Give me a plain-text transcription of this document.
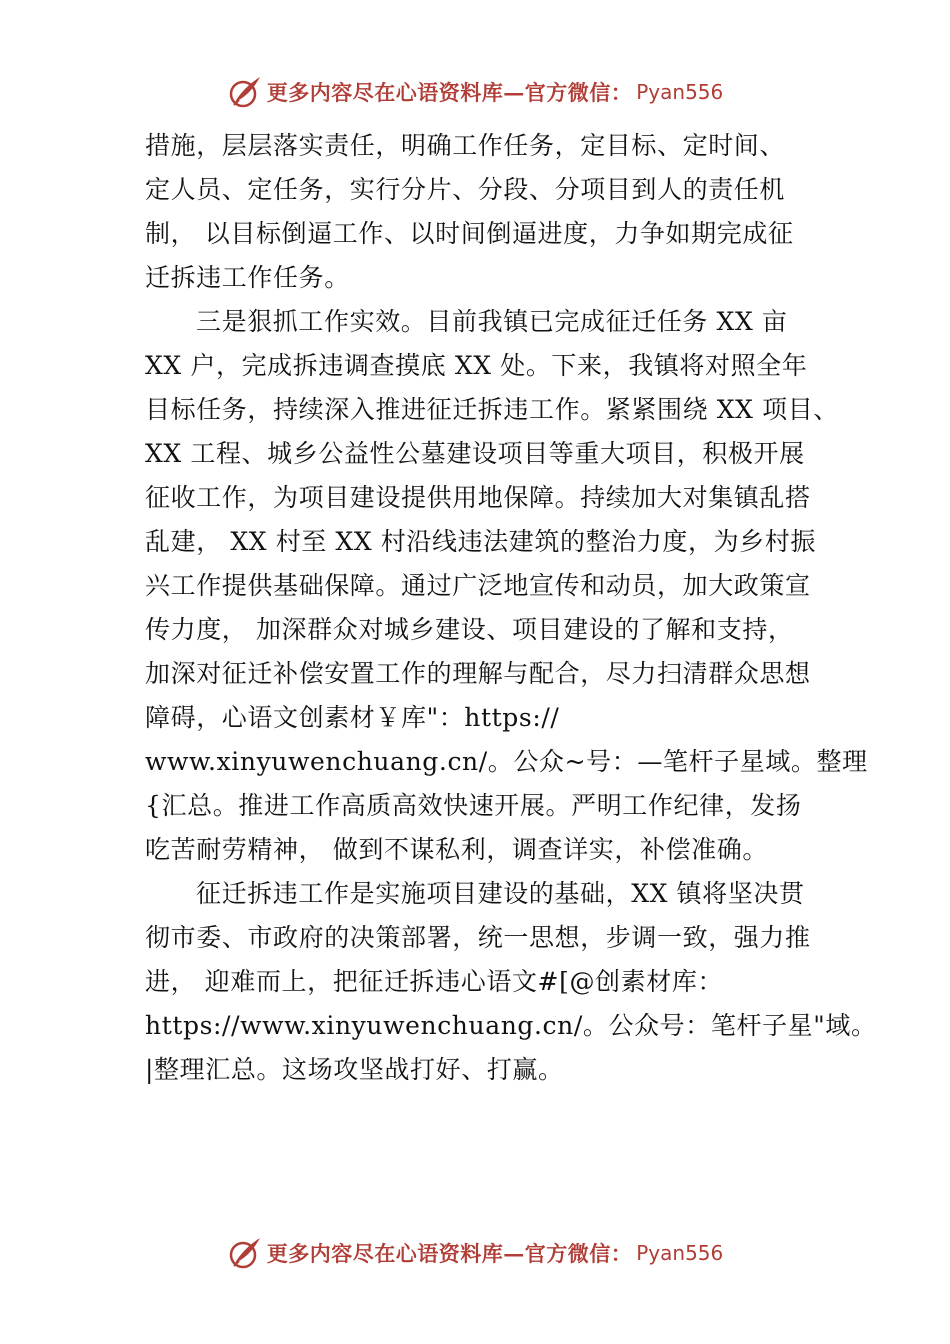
更多内容尽在心语资料库—官方微信： Pyan556
措施，层层落实责任，明确工作任务，定目标、定时间、
定人员、定任务，实行分片、分段、分项目到人的责任机
制， 以目标倒逼工作、以时间倒逼进度，力争如期完成征
迁拆违工作任务。
三是狠抓工作实效。目前我镇已完成征迁任务 XX 亩
XX 户，完成拆违调查摸底 XX 处。下来，我镇将对照全年
目标任务，持续深入推进征迁拆违工作。紧紧围绕 XX 项目、
XX 工程、城乡公益性公墓建设项目等重大项目，积极开展
征收工作，为项目建设提供用地保障。持续加大对集镇乱搭
乱建， XX 村至 XX 村沿线违法建筑的整治力度，为乡村振
兴工作提供基础保障。通过广泛地宣传和动员，加大政策宣
传力度， 加深群众对城乡建设、项目建设的了解和支持，
加深对征迁补偿安置工作的理解与配合，尽力扫清群众思想
障碍，心语文创素材￥库"：https://
www.xinyuwenchuang.cn/。公众~号：—笔杆子星域。整理
{汇总。推进工作高质高效快速开展。严明工作纪律，发扬
吃苦耐劳精神， 做到不谋私利，调查详实，补偿准确。
征迁拆违工作是实施项目建设的基础，XX 镇将坚决贯
彻市委、市政府的决策部署，统一思想，步调一致，强力推
进， 迎难而上，把征迁拆违心语文#[@创素材库：
https://www.xinyuwenchuang.cn/。公众号：笔杆子星"域。
|整理汇总。这场攻坚战打好、打赢。
更多内容尽在心语资料库—官方微信： Pyan556
